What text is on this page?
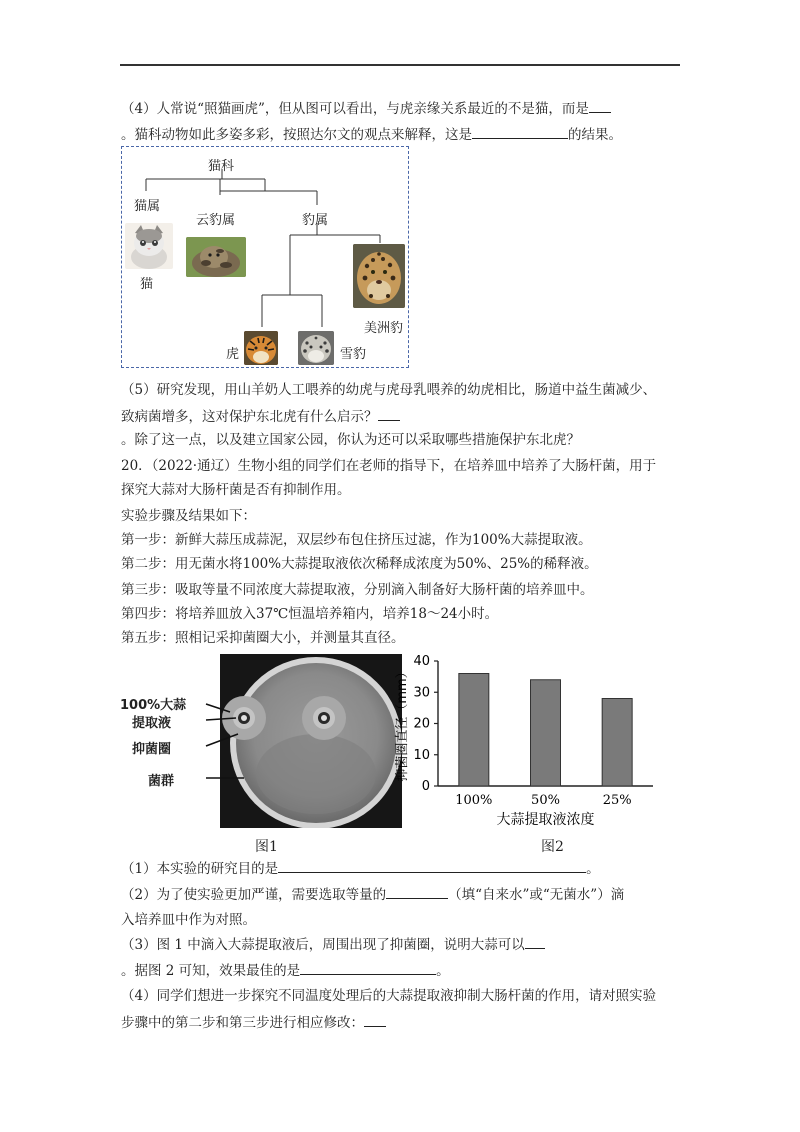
（4）人常说“照猫画虎”，但从图可以看出，与虎亲缘关系最近的不是猫，而是
。猫科动物如此多姿多彩，按照达尔文的观点来解释，这是	的结果。
猫科
猫属
云豹属	豹属
猫
美洲豹
虎	雪豹
（5）研究发现，用山羊奶人工喂养的幼虎与虎母乳喂养的幼虎相比，肠道中益生菌减少、
致病菌增多，这对保护东北虎有什么启示？
。除了这一点，以及建立国家公园，你认为还可以采取哪些措施保护东北虎？
20．（2022·通辽）生物小组的同学们在老师的指导下，在培养皿中培养了大肠杆菌，用于
探究大蒜对大肠杆菌是否有抑制作用。
实验步骤及结果如下：
第一步：新鲜大蒜压成蒜泥，双层纱布包住挤压过滤，作为100%大蒜提取液。
第二步：用无菌水将100%大蒜提取液依次稀释成浓度为50%、25%的稀释液。
第三步：吸取等量不同浓度大蒜提取液，分别滴入制备好大肠杆菌的培养皿中。
第四步：将培养皿放入37℃恒温培养箱内，培养18～24小时。
第五步：照相记采抑菌圈大小，并测量其直径。
100%大蒜
提取液
抑菌圈
菌群
图1
0
10
20
30
40
100%	50%	25%
大蒜提取液浓度
抑菌圈直径（mm）
图2
（1）本实验的研究目的是	。
（2）为了使实验更加严谨，需要选取等量的	（填“自来水”或“无菌水”）滴
入培养皿中作为对照。
（3）图 1 中滴入大蒜提取液后，周围出现了抑菌圈，说明大蒜可以
。据图 2 可知，效果最佳的是	。
（4）同学们想进一步探究不同温度处理后的大蒜提取液抑制大肠杆菌的作用，请对照实验
步骤中的第二步和第三步进行相应修改：
